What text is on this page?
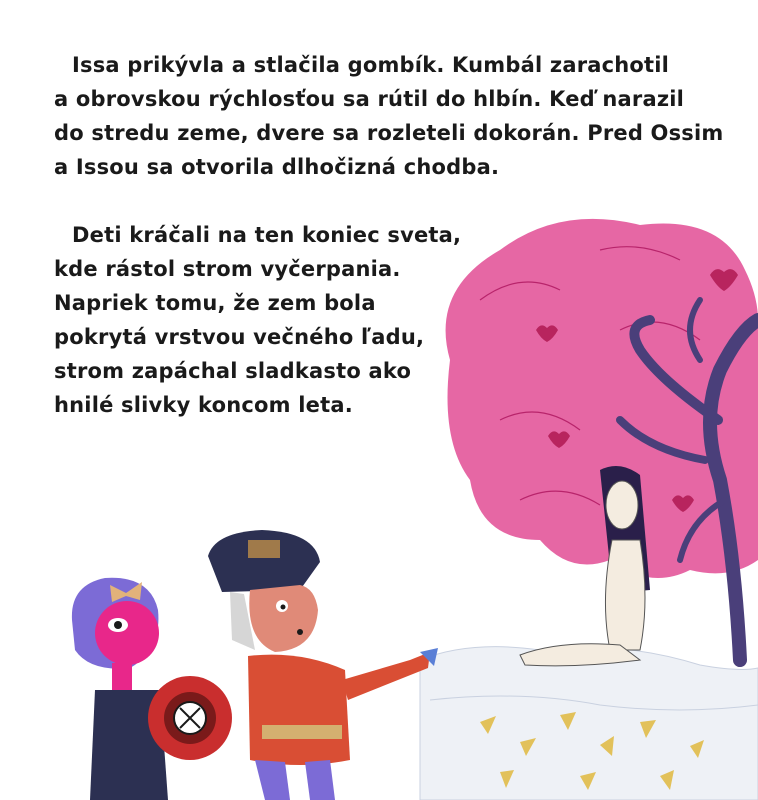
Issa prikývla a stlačila gombík. Kumbál zarachotil
a obrovskou rýchlosťou sa rútil do hlbín. Keď narazil
do stredu zeme, dvere sa rozleteli dokorán. Pred Ossim
a Issou sa otvorila dlhočizná chodba.
Deti kráčali na ten koniec sveta,
kde rástol strom vyčerpania.
Napriek tomu, že zem bola
pokrytá vrstvou večného ľadu,
strom zapáchal sladkasto ako
hnilé slivky koncom leta.
